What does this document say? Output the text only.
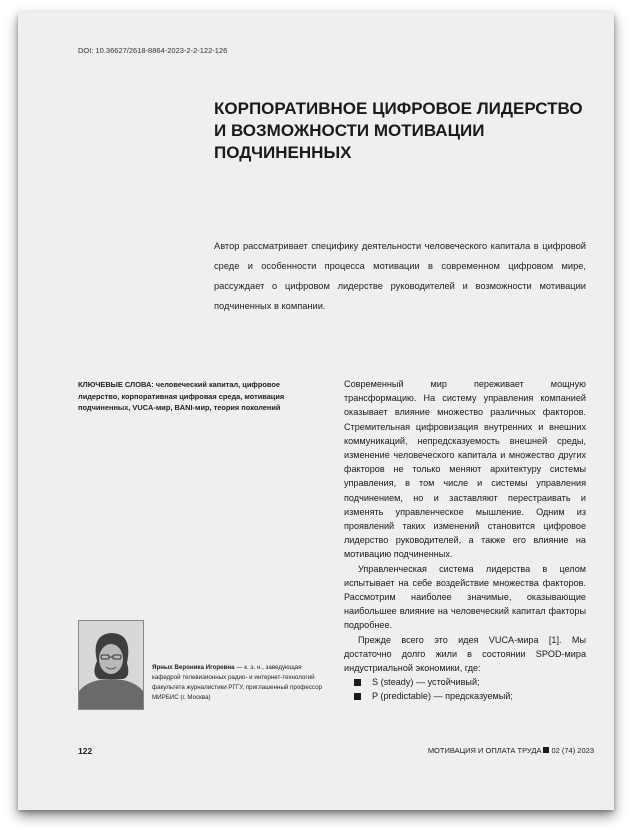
DOI: 10.36627/2618-8864-2023-2-2-122-126
КОРПОРАТИВНОЕ ЦИФРОВОЕ ЛИДЕРСТВО
И ВОЗМОЖНОСТИ МОТИВАЦИИ
ПОДЧИНЕННЫХ

Автор рассматривает специфику деятельности человеческого капитала в цифровой среде и особенности процесса мотивации в современном цифровом мире, рассуждает о цифровом лидерстве руководителей и возможности мотивации подчиненных в компании.

КЛЮЧЕВЫЕ СЛОВА: человеческий капитал, цифровое лидерство, корпоративная цифровая среда, мотивация подчиненных, VUCA-мир, BANI-мир, теория поколений

Современный мир переживает мощную трансформацию. На систему управления компанией оказывает влияние множество различных факторов. Стремительная цифровизация внутренних и внешних коммуникаций, непредсказуемость внешней среды, изменение человеческого капитала и множество других факторов не только меняют архитектуру системы управления, в том числе и системы управления подчинением, но и заставляют перестраивать и изменять управленческое мышление. Одним из проявлений таких изменений становится цифровое лидерство руководителей, а также его влияние на мотивацию подчиненных.

Управленческая система лидерства в целом испытывает на себе воздействие множества факторов. Рассмотрим наиболее значимые, оказывающие наибольшее влияние на человеческий капитал факторы подробнее.

Прежде всего это идея VUCA-мира [1]. Мы достаточно долго жили в состоянии SPOD-мира индустриальной экономики, где:

S (steady) — устойчивый;
P (predictable) — предсказуемый;

Ярных Вероника Игоревна — к. э. н., заведующая кафедрой телевизионных радио- и интернет-технологий факультета журналистики РГГУ, приглашенный профессор МИРБИС (г. Москва)

122	МОТИВАЦИЯ И ОПЛАТА ТРУДА 02 (74) 2023
